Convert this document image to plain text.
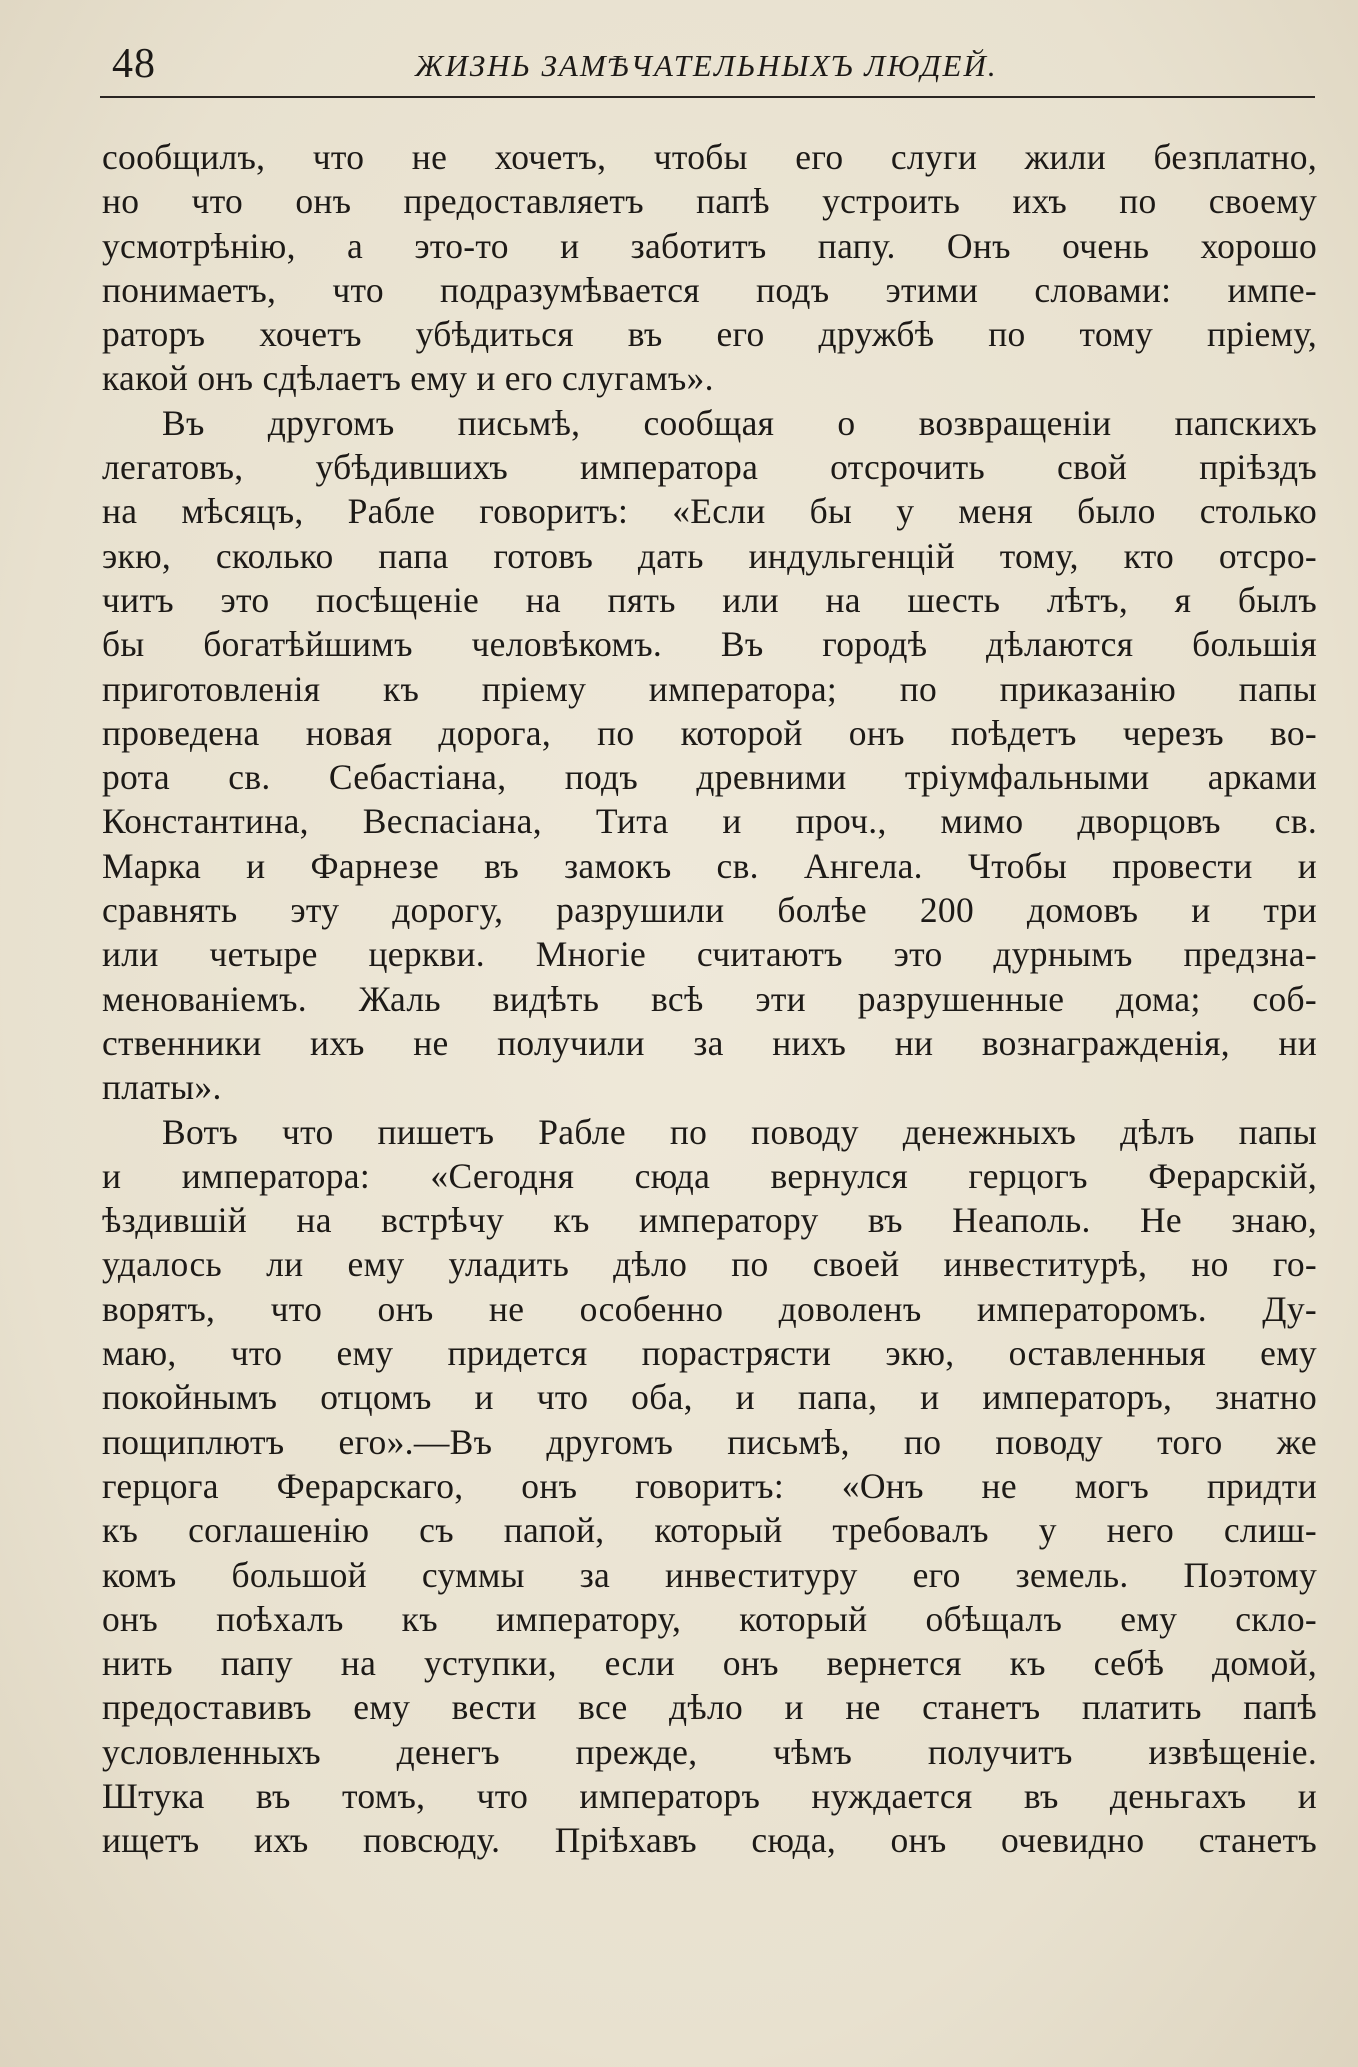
48	ЖИЗНЬ ЗАМѢЧАТЕЛЬНЫХЪ ЛЮДЕЙ.
сообщилъ, что не хочетъ, чтобы его слуги жили безплатно,
но что онъ предоставляетъ папѣ устроить ихъ по своему
усмотрѣнію, а это-то и заботитъ папу. Онъ очень хорошо
понимаетъ, что подразумѣвается подъ этими словами: импе-
раторъ хочетъ убѣдиться въ его дружбѣ по тому пріему,
какой онъ сдѣлаетъ ему и его слугамъ».
Въ другомъ письмѣ, сообщая о возвращеніи папскихъ
легатовъ, убѣдившихъ императора отсрочить свой пріѣздъ
на мѣсяцъ, Рабле говоритъ: «Если бы у меня было столько
экю, сколько папа готовъ дать индульгенцій тому, кто отсро-
читъ это посѣщеніе на пять или на шесть лѣтъ, я былъ
бы богатѣйшимъ человѣкомъ. Въ городѣ дѣлаются большія
приготовленія къ пріему императора; по приказанію папы
проведена новая дорога, по которой онъ поѣдетъ черезъ во-
рота св. Себастіана, подъ древними тріумфальными арками
Константина, Веспасіана, Тита и проч., мимо дворцовъ св.
Марка и Фарнезе въ замокъ св. Ангела. Чтобы провести и
сравнять эту дорогу, разрушили болѣе 200 домовъ и три
или четыре церкви. Многіе считаютъ это дурнымъ предзна-
менованіемъ. Жаль видѣть всѣ эти разрушенные дома; соб-
ственники ихъ не получили за нихъ ни вознагражденія, ни
платы».
Вотъ что пишетъ Рабле по поводу денежныхъ дѣлъ папы
и императора: «Сегодня сюда вернулся герцогъ Ферарскій,
ѣздившій на встрѣчу къ императору въ Неаполь. Не знаю,
удалось ли ему уладить дѣло по своей инвеститурѣ, но го-
ворятъ, что онъ не особенно доволенъ императоромъ. Ду-
маю, что ему придется порастрясти экю, оставленныя ему
покойнымъ отцомъ и что оба, и папа, и императоръ, знатно
пощиплютъ его».—Въ другомъ письмѣ, по поводу того же
герцога Ферарскаго, онъ говоритъ: «Онъ не могъ придти
къ соглашенію съ папой, который требовалъ у него слиш-
комъ большой суммы за инвеституру его земель. Поэтому
онъ поѣхалъ къ императору, который обѣщалъ ему скло-
нить папу на уступки, если онъ вернется къ себѣ домой,
предоставивъ ему вести все дѣло и не станетъ платить папѣ
условленныхъ денегъ прежде, чѣмъ получитъ извѣщеніе.
Штука въ томъ, что императоръ нуждается въ деньгахъ и
ищетъ ихъ повсюду. Пріѣхавъ сюда, онъ очевидно станетъ
